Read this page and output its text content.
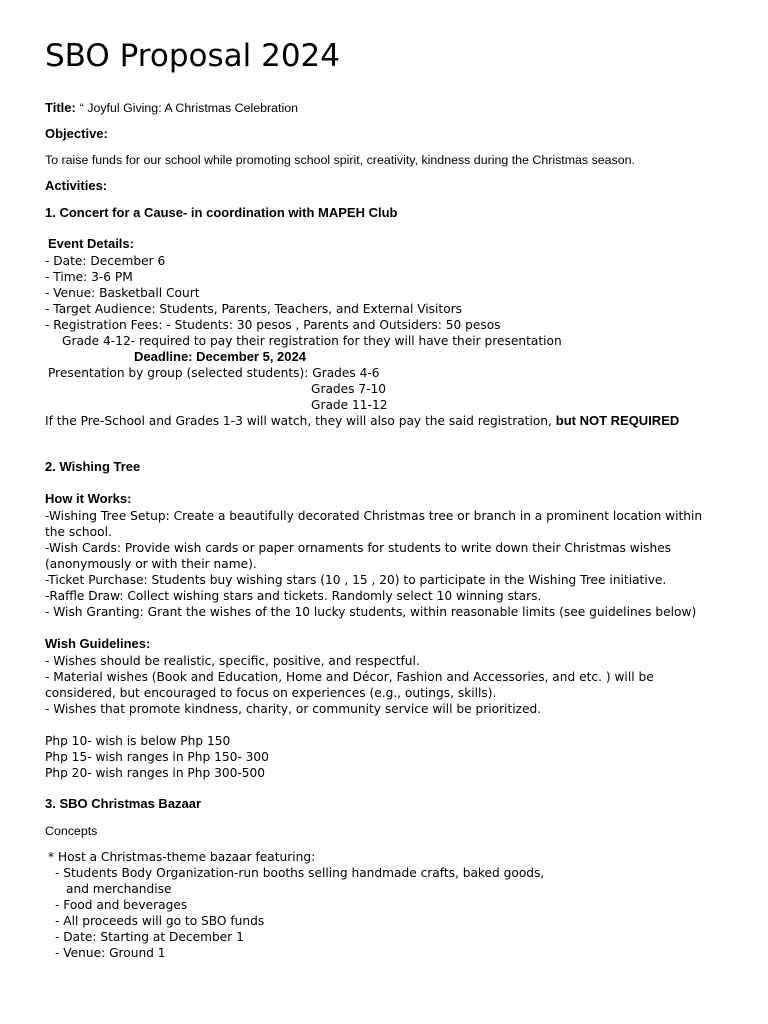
SBO Proposal 2024
Title: “ Joyful Giving: A Christmas Celebration
Objective:
To raise funds for our school while promoting school spirit, creativity, kindness during the Christmas season.
Activities:
1. Concert for a Cause- in coordination with MAPEH Club
Event Details:
- Date: December 6
- Time: 3-6 PM
- Venue: Basketball Court
- Target Audience: Students, Parents, Teachers, and External Visitors
- Registration Fees: - Students: 30 pesos , Parents and Outsiders: 50 pesos
Grade 4-12- required to pay their registration for they will have their presentation
Deadline: December 5, 2024
Presentation by group (selected students): Grades 4-6
Grades 7-10
Grade 11-12
If the Pre-School and Grades 1-3 will watch, they will also pay the said registration, but NOT REQUIRED
2. Wishing Tree
How it Works:
-Wishing Tree Setup: Create a beautifully decorated Christmas tree or branch in a prominent location within
the school.
-Wish Cards: Provide wish cards or paper ornaments for students to write down their Christmas wishes
(anonymously or with their name).
-Ticket Purchase: Students buy wishing stars (10 , 15 , 20) to participate in the Wishing Tree initiative.
-Raffle Draw: Collect wishing stars and tickets. Randomly select 10 winning stars.
- Wish Granting: Grant the wishes of the 10 lucky students, within reasonable limits (see guidelines below)
Wish Guidelines:
- Wishes should be realistic, specific, positive, and respectful.
- Material wishes (Book and Education, Home and Décor, Fashion and Accessories, and etc. ) will be
considered, but encouraged to focus on experiences (e.g., outings, skills).
- Wishes that promote kindness, charity, or community service will be prioritized.
Php 10- wish is below Php 150
Php 15- wish ranges in Php 150- 300
Php 20- wish ranges in Php 300-500
3. SBO Christmas Bazaar
Concepts
* Host a Christmas-theme bazaar featuring:
- Students Body Organization-run booths selling handmade crafts, baked goods,
and merchandise
- Food and beverages
- All proceeds will go to SBO funds
- Date: Starting at December 1
- Venue: Ground 1
